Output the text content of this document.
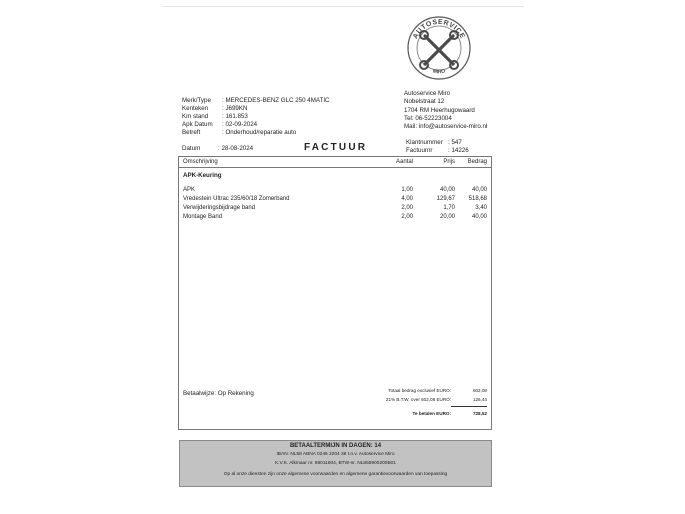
AUTOSERVICE
MIRO
Merk/Type	: MERCEDES-BENZ GLC 250 4MATIC
Kenteken	: J699KN
Km stand	: 161.853
Apk Datum	: 02-09-2024
Betreft	: Onderhoud/reparatie auto
Autoservice Miro
Nobelstraat 12
1704 RM Heerhugowaard
Tel: 06-52223004
Mail: info@autoservice-miro.nl
Klantnummer : 547
Factuurnr	: 14226
Datum	: 28-08-2024	FACTUUR
Omschrijving	Aantal	Prijs Bedrag
APK-Keuring
APK	1,00	40,00	40,00
Vredestein Ultrac 235/60/18 Zomerband	4,00	129,67 518,68
Verwijderingsbijdrage band	2,00	1,70	3,40
Montage Band	2,00	20,00	40,00
Betaalwijze: Op Rekening	Totaal bedrag exclusief EURO:	602,08
21% B.T.W. over 602,08 EURO:	126,44
Te betalen EURO:	728,52
BETAALTERMIJN IN DAGEN: 14
IBAN: NL58 ABNA 0246 2204 38 t.n.v. Autoservice Miro
K.V.K. Alkmaar nr. 69011604, BTW-nr. NL855900200B01
Op al onze diensten zijn onze algemene voorwaarden en algemene garantievoorwaarden van toepassing
